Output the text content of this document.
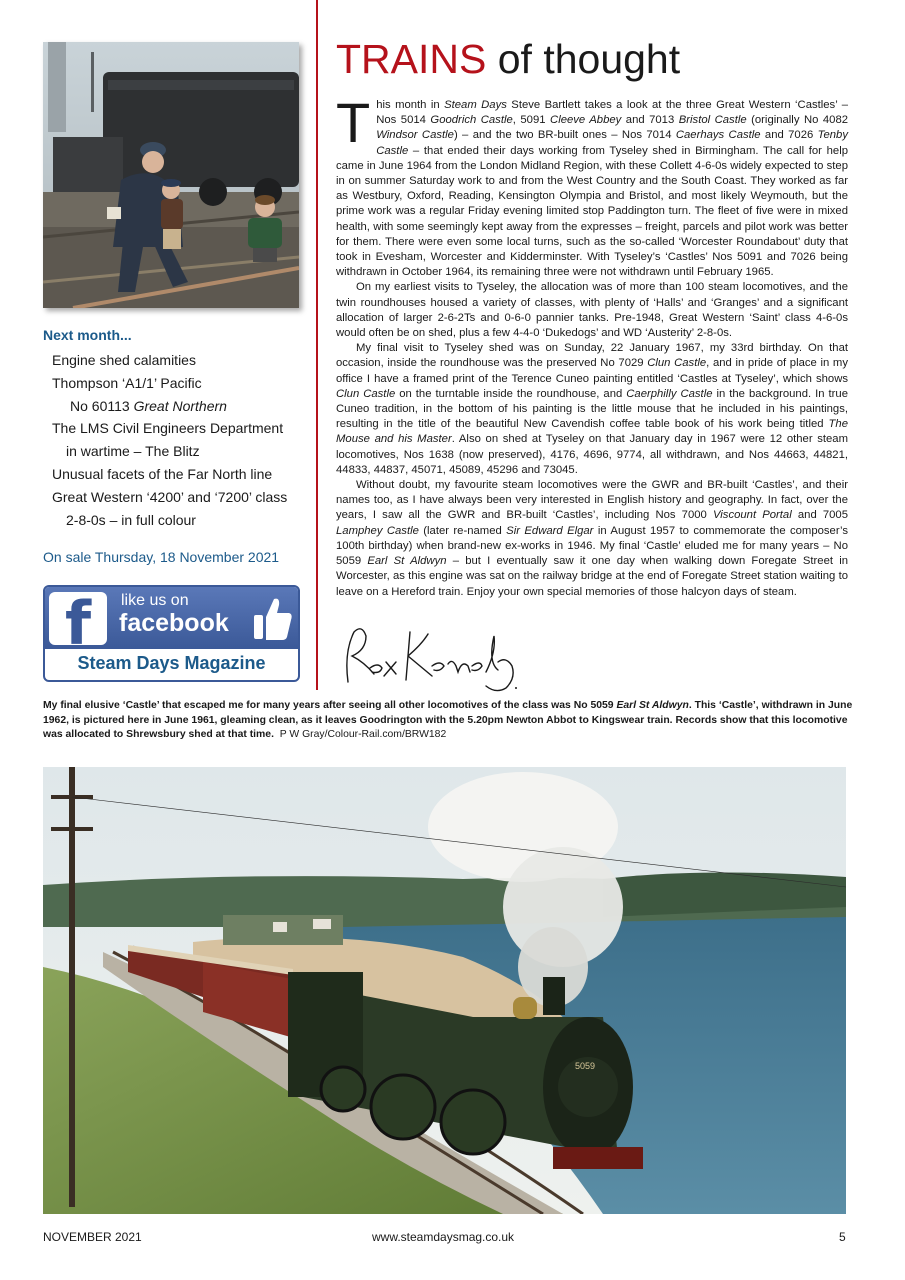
Next month...
Engine shed calamities
Thompson ‘A1/1’ Pacific
No 60113 Great Northern
The LMS Civil Engineers Department
in wartime – The Blitz
Unusual facets of the Far North line
Great Western ‘4200’ and ‘7200’ class
2-8-0s – in full colour
On sale Thursday, 18 November 2021
f	like us on
facebook
Steam Days Magazine
TRAINS of thought

This month in Steam Days Steve Bartlett takes a look at the three Great Western ‘Castles’ – Nos 5014 Goodrich Castle, 5091 Cleeve Abbey and 7013 Bristol Castle (originally No 4082 Windsor Castle) – and the two BR-built ones – Nos 7014 Caerhays Castle and 7026 Tenby Castle – that ended their days working from Tyseley shed in Birmingham. The call for help came in June 1964 from the London Midland Region, with these Collett 4-6-0s widely expected to step in on summer Saturday work to and from the West Country and the South Coast. They worked as far as Westbury, Oxford, Reading, Kensington Olympia and Bristol, and most likely Weymouth, but the prime work was a regular Friday evening limited stop Paddington turn. The fleet of five were in mixed health, with some seemingly kept away from the expresses – freight, parcels and pilot work was better for them. There were even some local turns, such as the so-called ‘Worcester Roundabout’ duty that took in Evesham, Worcester and Kidderminster. With Tyseley’s ‘Castles’ Nos 5091 and 7026 being withdrawn in October 1964, its remaining three were not withdrawn until February 1965.

On my earliest visits to Tyseley, the allocation was of more than 100 steam locomotives, and the twin roundhouses housed a variety of classes, with plenty of ‘Halls’ and ‘Granges’ and a significant allocation of larger 2-6-2Ts and 0-6-0 pannier tanks. Pre-1948, Great Western ‘Saint’ class 4-6-0s would often be on shed, plus a few 4-4-0 ‘Dukedogs’ and WD ‘Austerity’ 2-8-0s.

My final visit to Tyseley shed was on Sunday, 22 January 1967, my 33rd birthday. On that occasion, inside the roundhouse was the preserved No 7029 Clun Castle, and in pride of place in my office I have a framed print of the Terence Cuneo painting entitled ‘Castles at Tyseley’, which shows Clun Castle on the turntable inside the roundhouse, and Caerphilly Castle in the background. In true Cuneo tradition, in the bottom of his painting is the little mouse that he included in his paintings, resulting in the title of the beautiful New Cavendish coffee table book of his work being titled The Mouse and his Master. Also on shed at Tyseley on that January day in 1967 were 12 other steam locomotives, Nos 1638 (now preserved), 4176, 4696, 9774, all withdrawn, and Nos 44663, 44821, 44833, 44837, 45071, 45089, 45296 and 73045.

Without doubt, my favourite steam locomotives were the GWR and BR-built ‘Castles’, and their names too, as I have always been very interested in English history and geography. In fact, over the years, I saw all the GWR and BR-built ‘Castles’, including Nos 7000 Viscount Portal and 7005 Lamphey Castle (later re-named Sir Edward Elgar in August 1957 to commemorate the composer’s 100th birthday) when brand-new ex-works in 1946. My final ‘Castle’ eluded me for many years – No 5059 Earl St Aldwyn – but I eventually saw it one day when walking down Foregate Street in Worcester, as this engine was sat on the railway bridge at the end of Foregate Street station waiting to leave on a Hereford train. Enjoy your own special memories of those halcyon days of steam.

My final elusive ‘Castle’ that escaped me for many years after seeing all other locomotives of the class was No 5059 Earl St Aldwyn. This ‘Castle’, withdrawn in June 1962, is pictured here in June 1961, gleaming clean, as it leaves Goodrington with the 5.20pm Newton Abbot to Kingswear train. Records show that this locomotive was allocated to Shrewsbury shed at that time. P W Gray/Colour-Rail.com/BRW182
5059
NOVEMBER 2021	www.steamdaysmag.co.uk	5
